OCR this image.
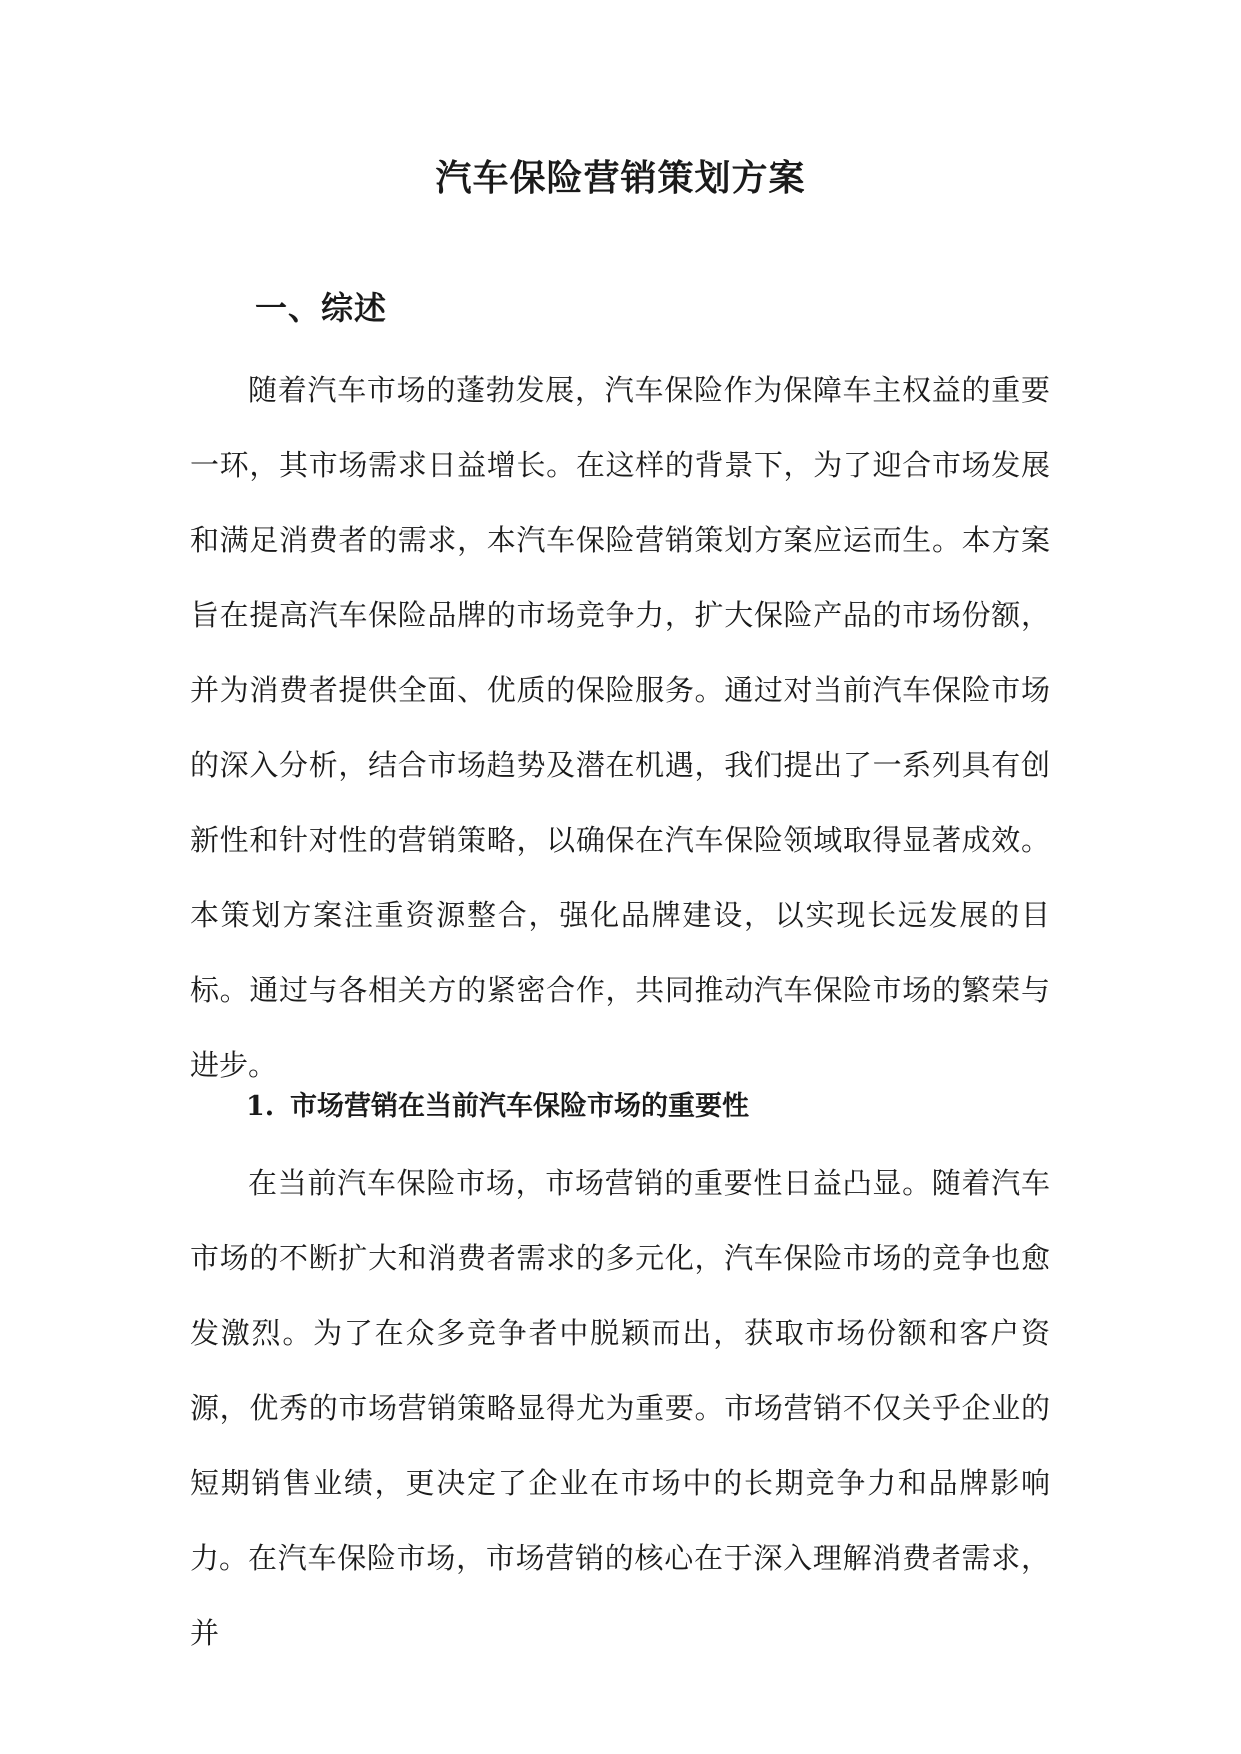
汽车保险营销策划方案
一、综述

随着汽车市场的蓬勃发展，汽车保险作为保障车主权益的重要一环，其市场需求日益增长。在这样的背景下，为了迎合市场发展和满足消费者的需求，本汽车保险营销策划方案应运而生。本方案旨在提高汽车保险品牌的市场竞争力，扩大保险产品的市场份额，并为消费者提供全面、优质的保险服务。通过对当前汽车保险市场的深入分析，结合市场趋势及潜在机遇，我们提出了一系列具有创新性和针对性的营销策略，以确保在汽车保险领域取得显著成效。本策划方案注重资源整合，强化品牌建设，以实现长远发展的目标。通过与各相关方的紧密合作，共同推动汽车保险市场的繁荣与进步。

1. 市场营销在当前汽车保险市场的重要性

在当前汽车保险市场，市场营销的重要性日益凸显。随着汽车市场的不断扩大和消费者需求的多元化，汽车保险市场的竞争也愈发激烈。为了在众多竞争者中脱颖而出，获取市场份额和客户资源，优秀的市场营销策略显得尤为重要。市场营销不仅关乎企业的短期销售业绩，更决定了企业在市场中的长期竞争力和品牌影响力。 在汽车保险市场，市场营销的核心在于深入理解消费者需求，并
